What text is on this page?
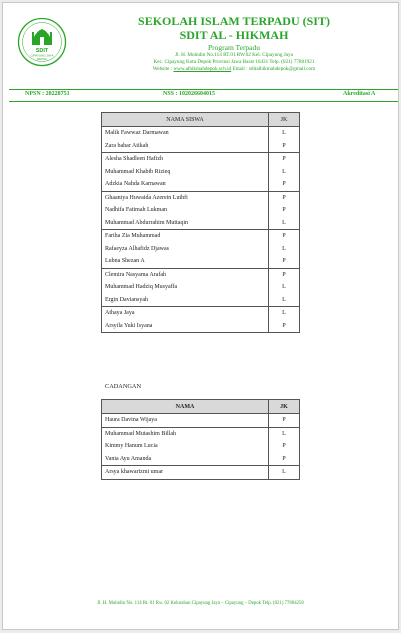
SDIT
CIPAYUNG JAYA
DEPOK
SEKOLAH ISLAM TERPADU (SIT)
SDIT AL - HIKMAH
Program Terpadu
Jl. H. Muhidin No.114 RT.01 RW.02 Kel. Cipayung Jaya
Kec. Cipayung Kota Depok Provinsi Jawa Barat 16431 Telp. (021) 77881921
Website : www.alhikmahdepok.sch.id Email : sditalhikmahdepok@gmail.com
NPSN : 20228751	NSS : 102026604015	Akreditasi A
NAMA SISWA	JK
Malik Fawwaz Darmawan	L
Zara bahar Atikah	P
Alesha Shadleen Hafizh	P
Muhammad Khabib Rizieq	L
Adzkia Nahda Karnawan	P
Ghaaniya Huwaida Azerein Luthfi	P
Nadhifa Fatimah Lukman	P
Muhammad Abdurrahim Muttaqin	L
Fariha Zia Muhammad	P
Rafaeyza Alhafidz Djawas	L
Lubna Shezan A	P
Clemira Nasyama Arafah	P
Muhammad Hadziq Musyaffa	L
Ergin Daviansyah	L
Athaya Jaya	L
Arsyila Yuki Isyana	P
CADANGAN
NAMA	JK
Haura Davina Wijaya	P
Muhammad Mutashim Billah	L
Kimmy Hanum Lucia	P
Vania Ayu Amanda	P
Arsya khawarizmi umar	L
Jl. H. Muhidin No. 114 Rt. 01 Rw. 02 Kelurahan Cipayung Jaya – Cipayung – Depok Telp. (021) 77884258
